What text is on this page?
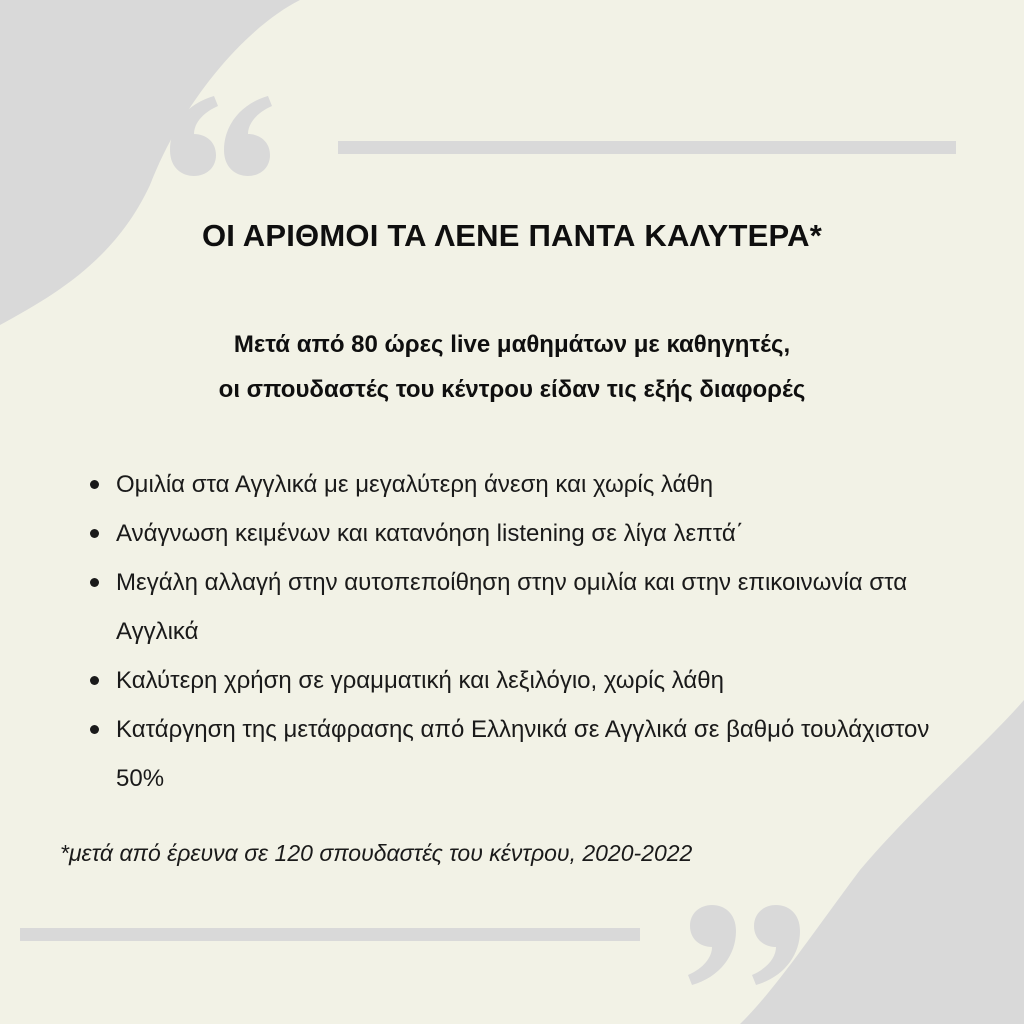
ΟΙ ΑΡΙΘΜΟΙ ΤΑ ΛΕΝΕ ΠΑΝΤΑ ΚΑΛΥΤΕΡΑ*
Μετά από 80 ώρες live μαθημάτων με καθηγητές,
οι σπουδαστές του κέντρου είδαν τις εξής διαφορές
Ομιλία στα Αγγλικά με μεγαλύτερη άνεση και χωρίς λάθη
Ανάγνωση κειμένων και κατανόηση listening σε λίγα λεπτά΄
Μεγάλη αλλαγή στην αυτοπεποίθηση στην ομιλία και στην επικοινωνία στα Αγγλικά
Καλύτερη χρήση σε γραμματική και λεξιλόγιο, χωρίς λάθη
Κατάργηση της μετάφρασης από Ελληνικά σε Αγγλικά σε βαθμό τουλάχιστον 50%
*μετά από έρευνα σε 120 σπουδαστές του κέντρου, 2020-2022
